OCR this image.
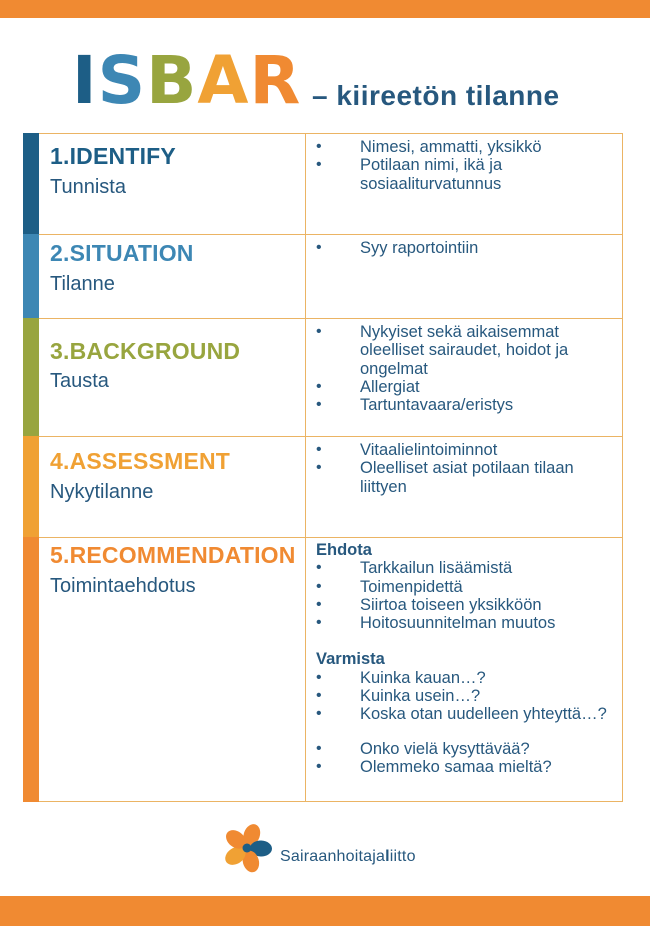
ISBAR – kiireetön tilanne
1.IDENTIFY
Tunnista
• Nimesi, ammatti, yksikkö
• Potilaan nimi, ikä ja sosiaaliturvatunnus
2.SITUATION
Tilanne
• Syy raportointiin
3.BACKGROUND
Tausta
• Nykyiset sekä aikaisemmat oleelliset sairaudet, hoidot ja ongelmat
• Allergiat
• Tartuntavaara/eristys
4.ASSESSMENT
Nykytilanne
• Vitaalielintoiminnot
• Oleelliset asiat potilaan tilaan liittyen
5.RECOMMENDATION
Toimintaehdotus
Ehdota
• Tarkkailun lisäämistä
• Toimenpidettä
• Siirtoa toiseen yksikköön
• Hoitosuunnitelman muutos
Varmista
• Kuinka kauan…?
• Kuinka usein…?
• Koska otan uudelleen yhteyttä…?
• Onko vielä kysyttävää?
• Olemmeko samaa mieltä?
Sairaanhoitajaliitto
